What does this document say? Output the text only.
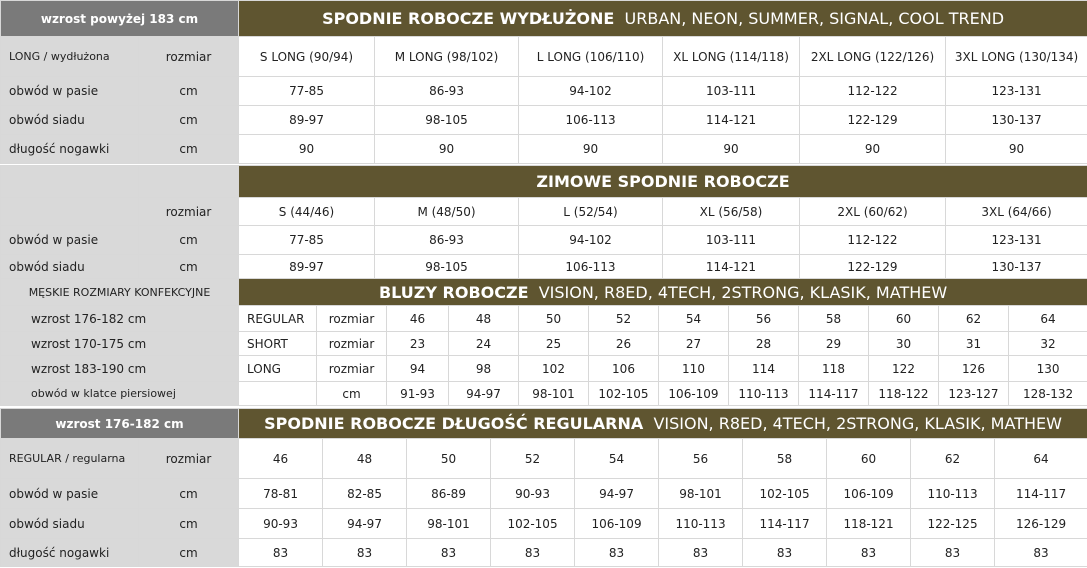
wzrost powyżej 183 cm		SPODNIE ROBOCZE WYDŁUŻONE URBAN, NEON, SUMMER, SIGNAL, COOL TREND					
LONG / wydłużona	rozmiar	S LONG (90/94)	M LONG (98/102)	L LONG (106/110)	XL LONG (114/118)	2XL LONG (122/126)	3XL LONG (130/134)
obwód w pasie	cm	77-85	86-93	94-102	103-111	112-122	123-131
obwód siadu	cm	89-97	98-105	106-113	114-121	122-129	130-137
długość nogawki	cm	90	90	90	90	90	90
		ZIMOWE SPODNIE ROBOCZE					
	rozmiar	S (44/46)	M (48/50)	L (52/54)	XL (56/58)	2XL (60/62)	3XL (64/66)
obwód w pasie	cm	77-85	86-93	94-102	103-111	112-122	123-131
obwód siadu	cm	89-97	98-105	106-113	114-121	122-129	130-137
MĘSKIE ROZMIARY KONFEKCYJNE	BLUZY ROBOCZE VISION, R8ED, 4TECH, 2STRONG, KLASIK, MATHEW											
wzrost 176-182 cm	REGULAR	rozmiar	46	48	50	52	54	56	58	60	62	64
wzrost 170-175 cm	SHORT	rozmiar	23	24	25	26	27	28	29	30	31	32
wzrost 183-190 cm	LONG	rozmiar	94	98	102	106	110	114	118	122	126	130
obwód w klatce piersiowej		cm	91-93	94-97	98-101	102-105	106-109	110-113	114-117	118-122	123-127	128-132
wzrost 176-182 cm		SPODNIE ROBOCZE DŁUGOŚĆ REGULARNA VISION, R8ED, 4TECH, 2STRONG, KLASIK, MATHEW									
REGULAR / regularna	rozmiar	46	48	50	52	54	56	58	60	62	64
obwód w pasie	cm	78-81	82-85	86-89	90-93	94-97	98-101	102-105	106-109	110-113	114-117
obwód siadu	cm	90-93	94-97	98-101	102-105	106-109	110-113	114-117	118-121	122-125	126-129
długość nogawki	cm	83	83	83	83	83	83	83	83	83	83
